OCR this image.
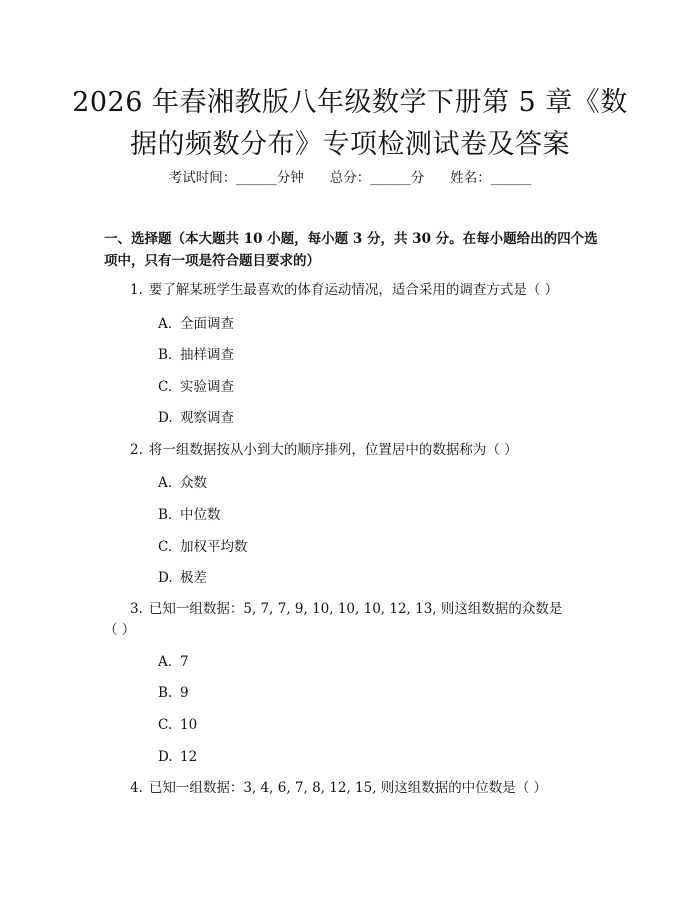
2026 年春湘教版八年级数学下册第 5 章《数
据的频数分布》专项检测试卷及答案
考试时间：______分钟 总分：______分 姓名：______

一、选择题（本大题共 10 小题，每小题 3 分，共 30 分。在每小题给出的四个选
项中，只有一项是符合题目要求的）

1. 要了解某班学生最喜欢的体育运动情况，适合采用的调查方式是（ ）
A. 全面调查
B. 抽样调查
C. 实验调查
D. 观察调查
2. 将一组数据按从小到大的顺序排列，位置居中的数据称为（ ）
A. 众数
B. 中位数
C. 加权平均数
D. 极差
3. 已知一组数据：5, 7, 7, 9, 10, 10, 10, 12, 13, 则这组数据的众数是
（ ）
A. 7
B. 9
C. 10
D. 12
4. 已知一组数据：3, 4, 6, 7, 8, 12, 15, 则这组数据的中位数是（ ）
